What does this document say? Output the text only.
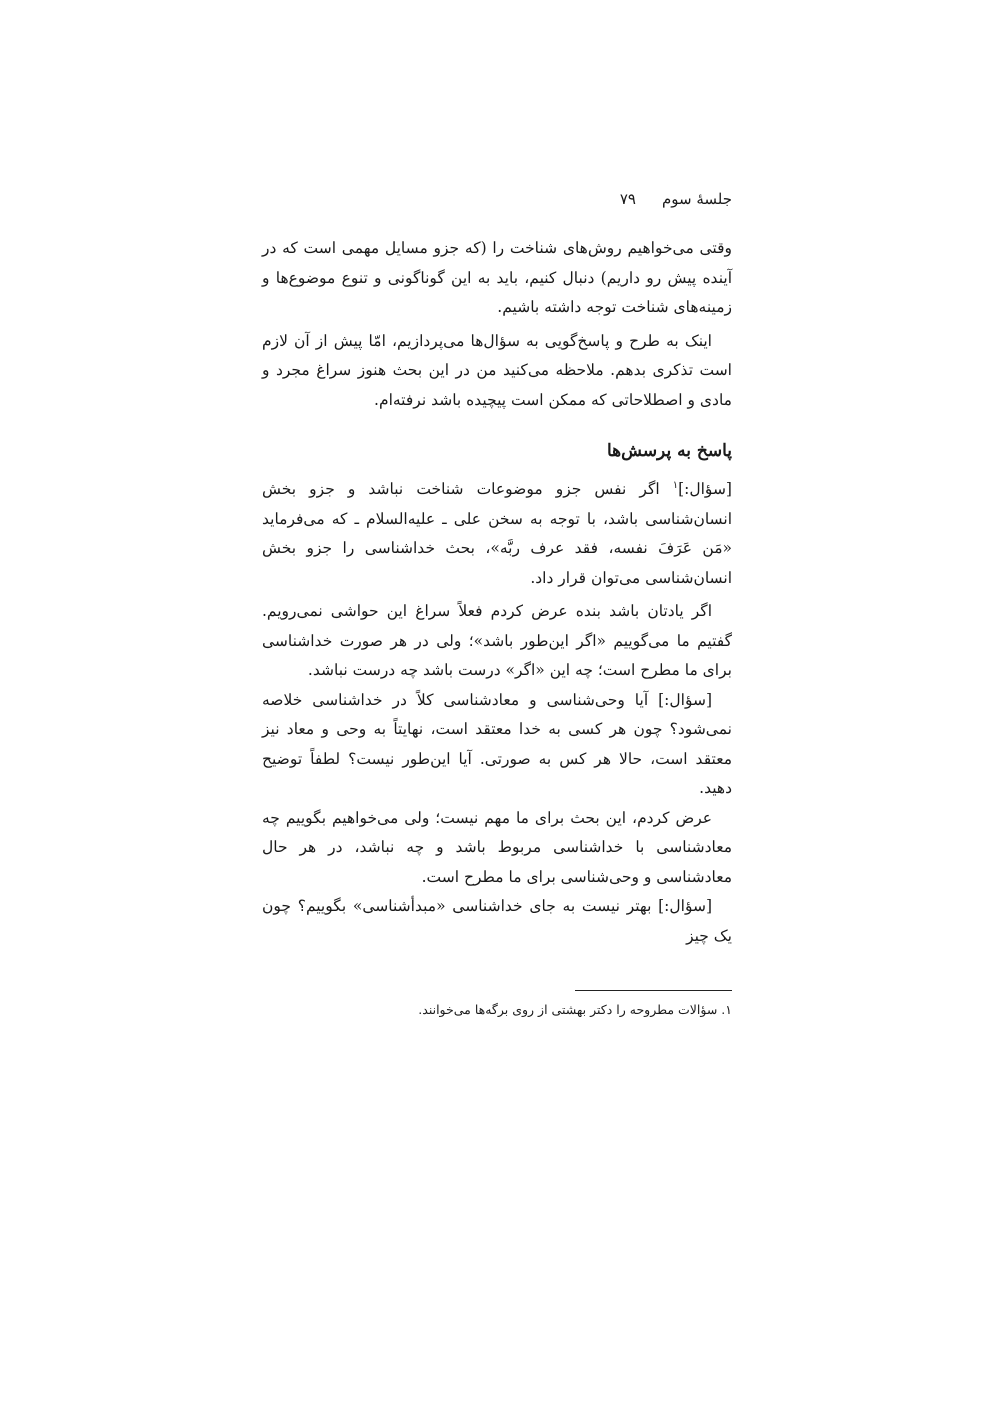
جلسهٔ سوم
۷۹

وقتی می‌خواهیم روش‌های شناخت را (که جزو مسایل مهمی است که در آینده پیش رو داریم) دنبال کنیم، باید به این گوناگونی و تنوع موضوع‌ها و زمینه‌های شناخت توجه داشته باشیم.

اینک به طرح و پاسخ‌گویی به سؤال‌ها می‌پردازیم، امّا پیش از آن لازم است تذکری بدهم. ملاحظه می‌کنید من در این بحث هنوز سراغ مجرد و مادی و اصطلاحاتی که ممکن است پیچیده باشد نرفته‌ام.

پاسخ به پرسش‌ها

[سؤال:]$^۱$ اگر نفس جزو موضوعات شناخت نباشد و جزو بخش انسان‌شناسی باشد، با توجه به سخن علی ـ علیه‌السلام ـ که می‌فرماید «مَن عَرَفَ نفسه، فقد عرف ربَّه»، بحث خداشناسی را جزو بخش انسان‌شناسی می‌توان قرار داد.

اگر یادتان باشد بنده عرض کردم فعلاً سراغ این حواشی نمی‌رویم. گفتیم ما می‌گوییم «اگر این‌طور باشد»؛ ولی در هر صورت خداشناسی برای ما مطرح است؛ چه این «اگر» درست باشد چه درست نباشد.

[سؤال:] آیا وحی‌شناسی و معادشناسی کلاً در خداشناسی خلاصه نمی‌شود؟ چون هر کسی به خدا معتقد است، نهایتاً به وحی و معاد نیز معتقد است، حالا هر کس به صورتی. آیا این‌طور نیست؟ لطفاً توضیح دهید.

عرض کردم، این بحث برای ما مهم نیست؛ ولی می‌خواهیم بگوییم چه معادشناسی با خداشناسی مربوط باشد و چه نباشد، در هر حال معادشناسی و وحی‌شناسی برای ما مطرح است.

[سؤال:] بهتر نیست به جای خداشناسی «مبدأشناسی» بگوییم؟ چون یک چیز

۱. سؤالات مطروحه را دکتر بهشتی از روی برگه‌ها می‌خوانند.
